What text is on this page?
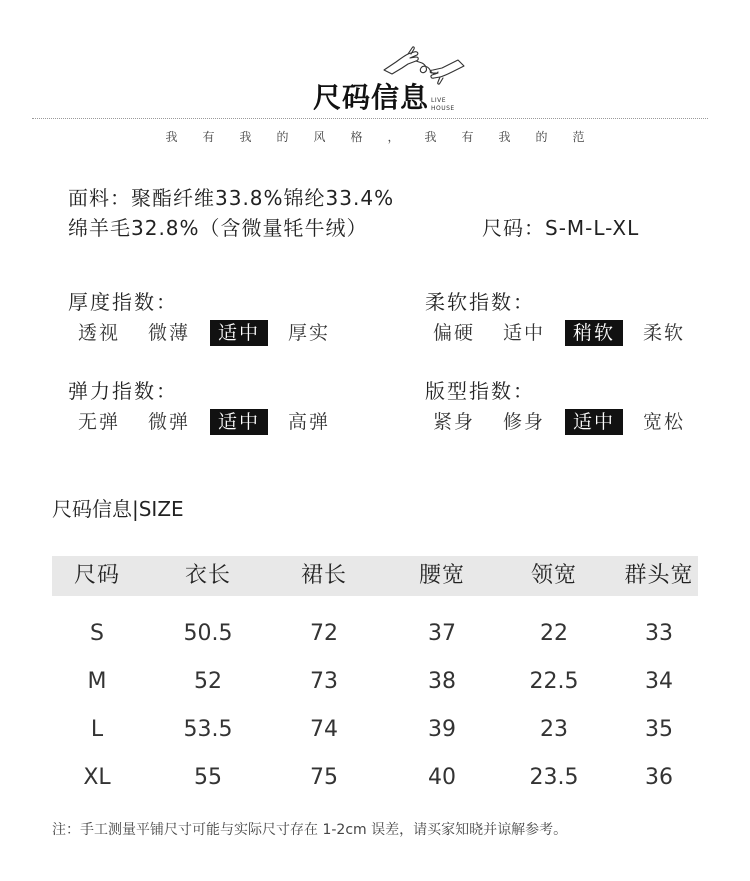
尺码信息 LIVE
HOUSE
我 有 我 的 风 格 ， 我 有 我 的 范
面料：聚酯纤维33.8%锦纶33.4%
绵羊毛32.8%（含微量牦牛绒）	尺码：S-M-L-XL
厚度指数：
透视	微薄	适中	厚实
柔软指数：
偏硬	适中	稍软	柔软
弹力指数：
无弹	微弹	适中	高弹
版型指数：
紧身	修身	适中	宽松
尺码信息|SIZE
尺码	衣长	裙长	腰宽	领宽	群头宽
S	50.5	72	37	22	33
M	52	73	38	22.5	34
L	53.5	74	39	23	35
XL	55	75	40	23.5	36
注：手工测量平铺尺寸可能与实际尺寸存在 1-2cm 误差，请买家知晓并谅解参考。
